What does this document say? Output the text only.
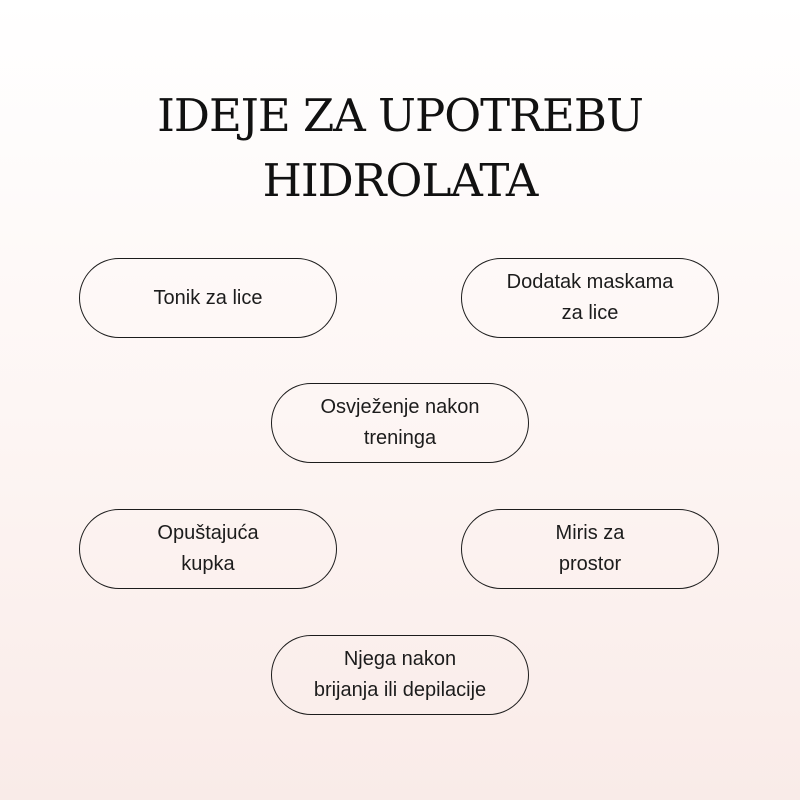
IDEJE ZA UPOTREBU
HIDROLATA
Tonik za lice
Dodatak maskama
za lice
Osvježenje nakon
treninga
Opuštajuća
kupka
Miris za
prostor
Njega nakon
brijanja ili depilacije
